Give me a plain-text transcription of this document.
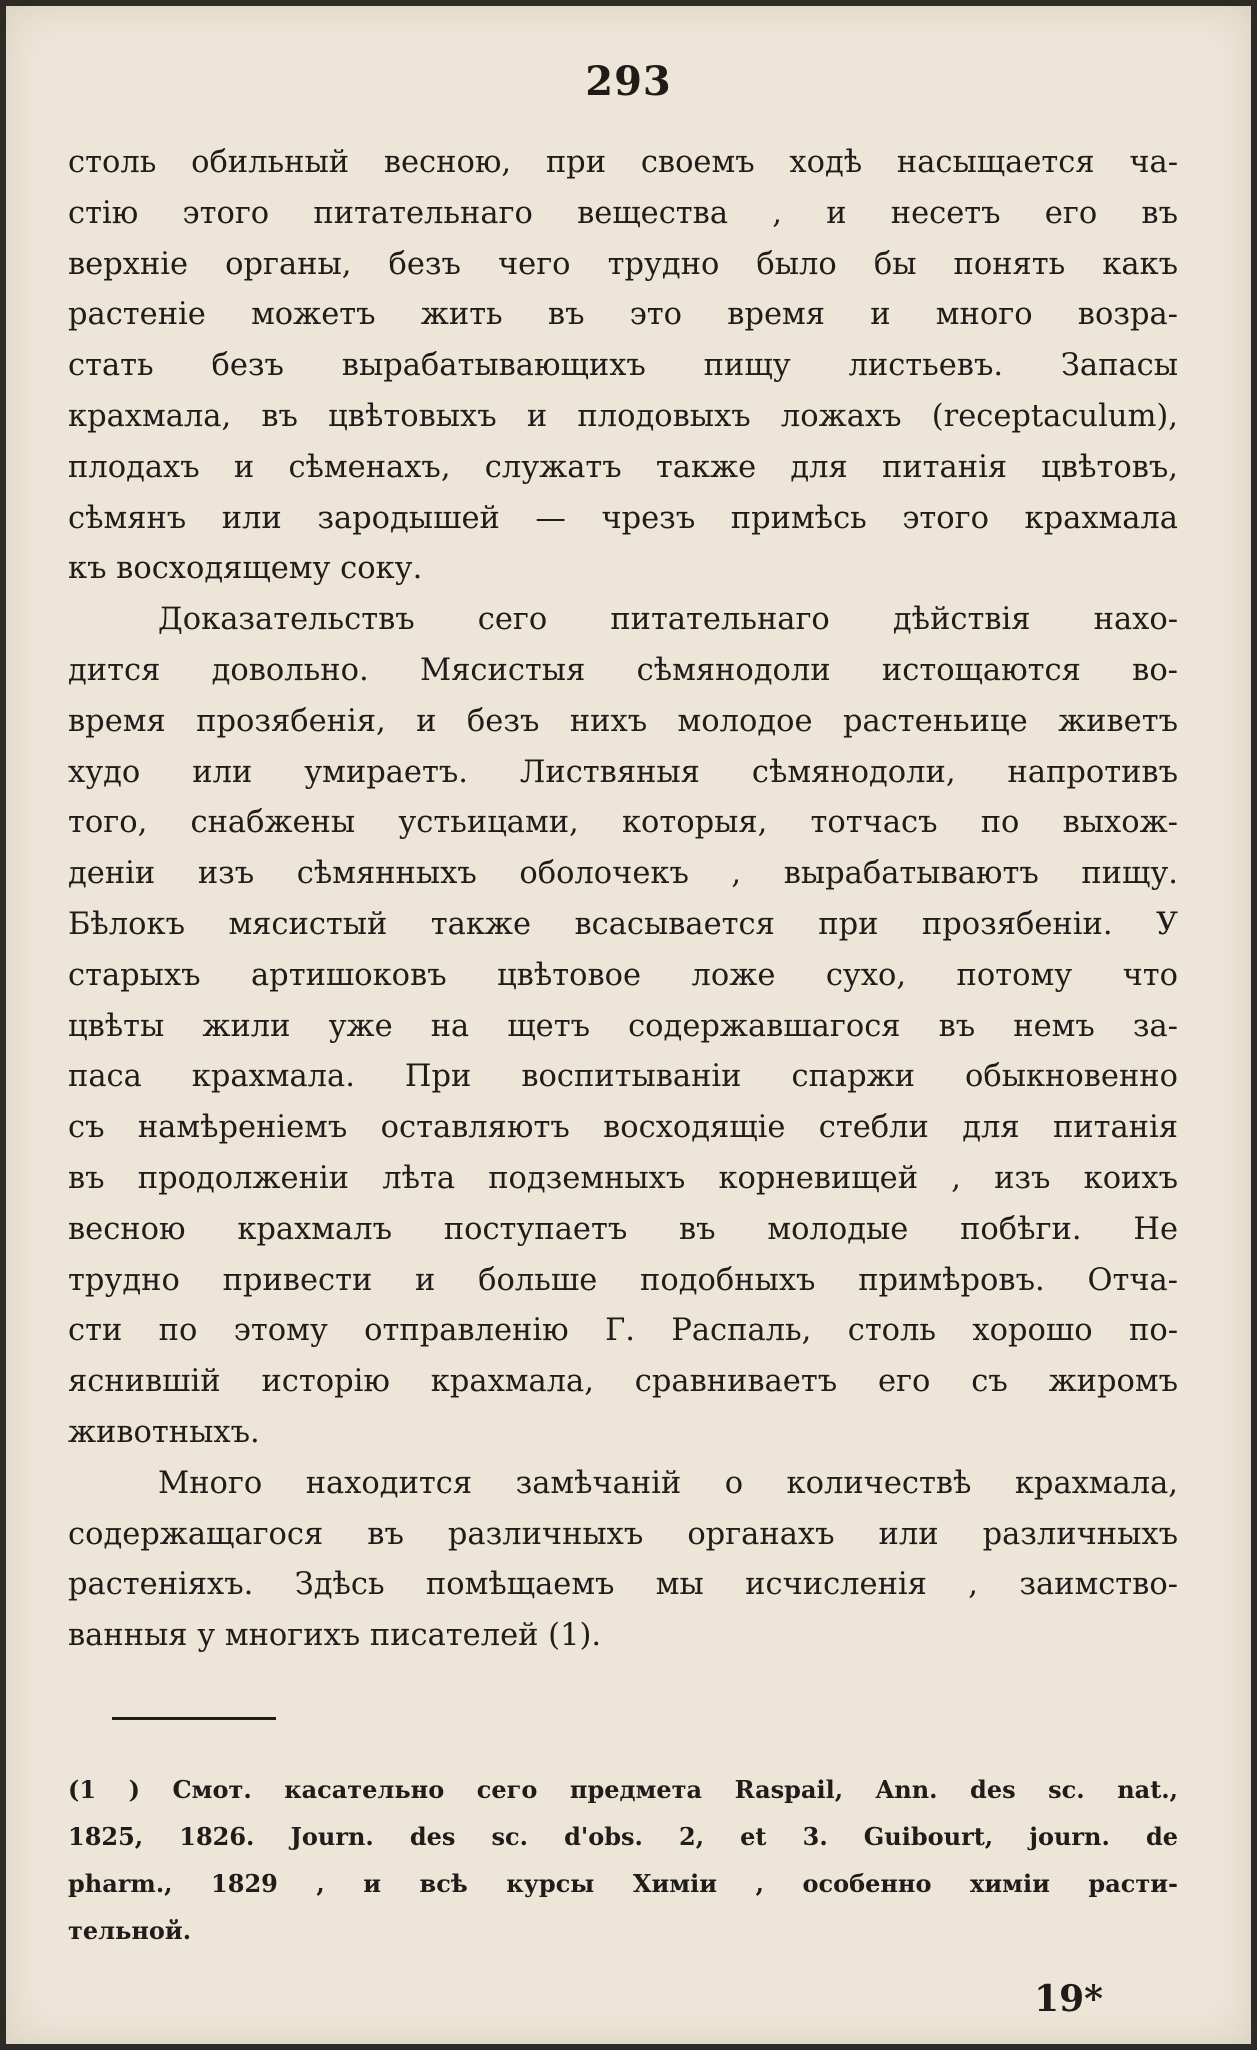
293

столь обильный весною, при своемъ ходѣ насыщается ча-
стію этого питательнаго вещества , и несетъ его въ
верхніе органы, безъ чего трудно было бы понять какъ
растеніе можетъ жить въ это время и много возра-
стать безъ вырабатывающихъ пищу листьевъ. Запасы
крахмала, въ цвѣтовыхъ и плодовыхъ ложахъ (receptaculum),
плодахъ и сѣменахъ, служатъ также для питанія цвѣтовъ,
сѣмянъ или зародышей — чрезъ примѣсь этого крахмала
къ восходящему соку.

Доказательствъ сего питательнаго дѣйствія нахо-
дится довольно. Мясистыя сѣмянодоли истощаются во-
время прозябенія, и безъ нихъ молодое растеньице живетъ
худо или умираетъ. Листвяныя сѣмянодоли, напротивъ
того, снабжены устьицами, которыя, тотчасъ по выхож-
деніи изъ сѣмянныхъ оболочекъ , вырабатываютъ пищу.
Бѣлокъ мясистый также всасывается при прозябеніи. У
старыхъ артишоковъ цвѣтовое ложе сухо, потому что
цвѣты жили уже на щетъ содержавшагося въ немъ за-
паса крахмала. При воспитываніи спаржи обыкновенно
съ намѣреніемъ оставляютъ восходящіе стебли для питанія
въ продолженіи лѣта подземныхъ корневищей , изъ коихъ
весною крахмалъ поступаетъ въ молодые побѣги. Не
трудно привести и больше подобныхъ примѣровъ. Отча-
сти по этому отправленію Г. Распаль, столь хорошо по-
яснившій исторію крахмала, сравниваетъ его съ жиромъ
животныхъ.

Много находится замѣчаній о количествѣ крахмала,
содержащагося въ различныхъ органахъ или различныхъ
растеніяхъ. Здѣсь помѣщаемъ мы исчисленія , заимство-
ванныя у многихъ писателей (1).

(1 ) Смот. касательно сего предмета Raspail, Ann. des sc. nat.,
1825, 1826. Journ. des sc. d'obs. 2, et 3. Guibourt, journ. de
pharm., 1829 , и всѣ курсы Химіи , особенно химіи расти-
тельной.
19*
